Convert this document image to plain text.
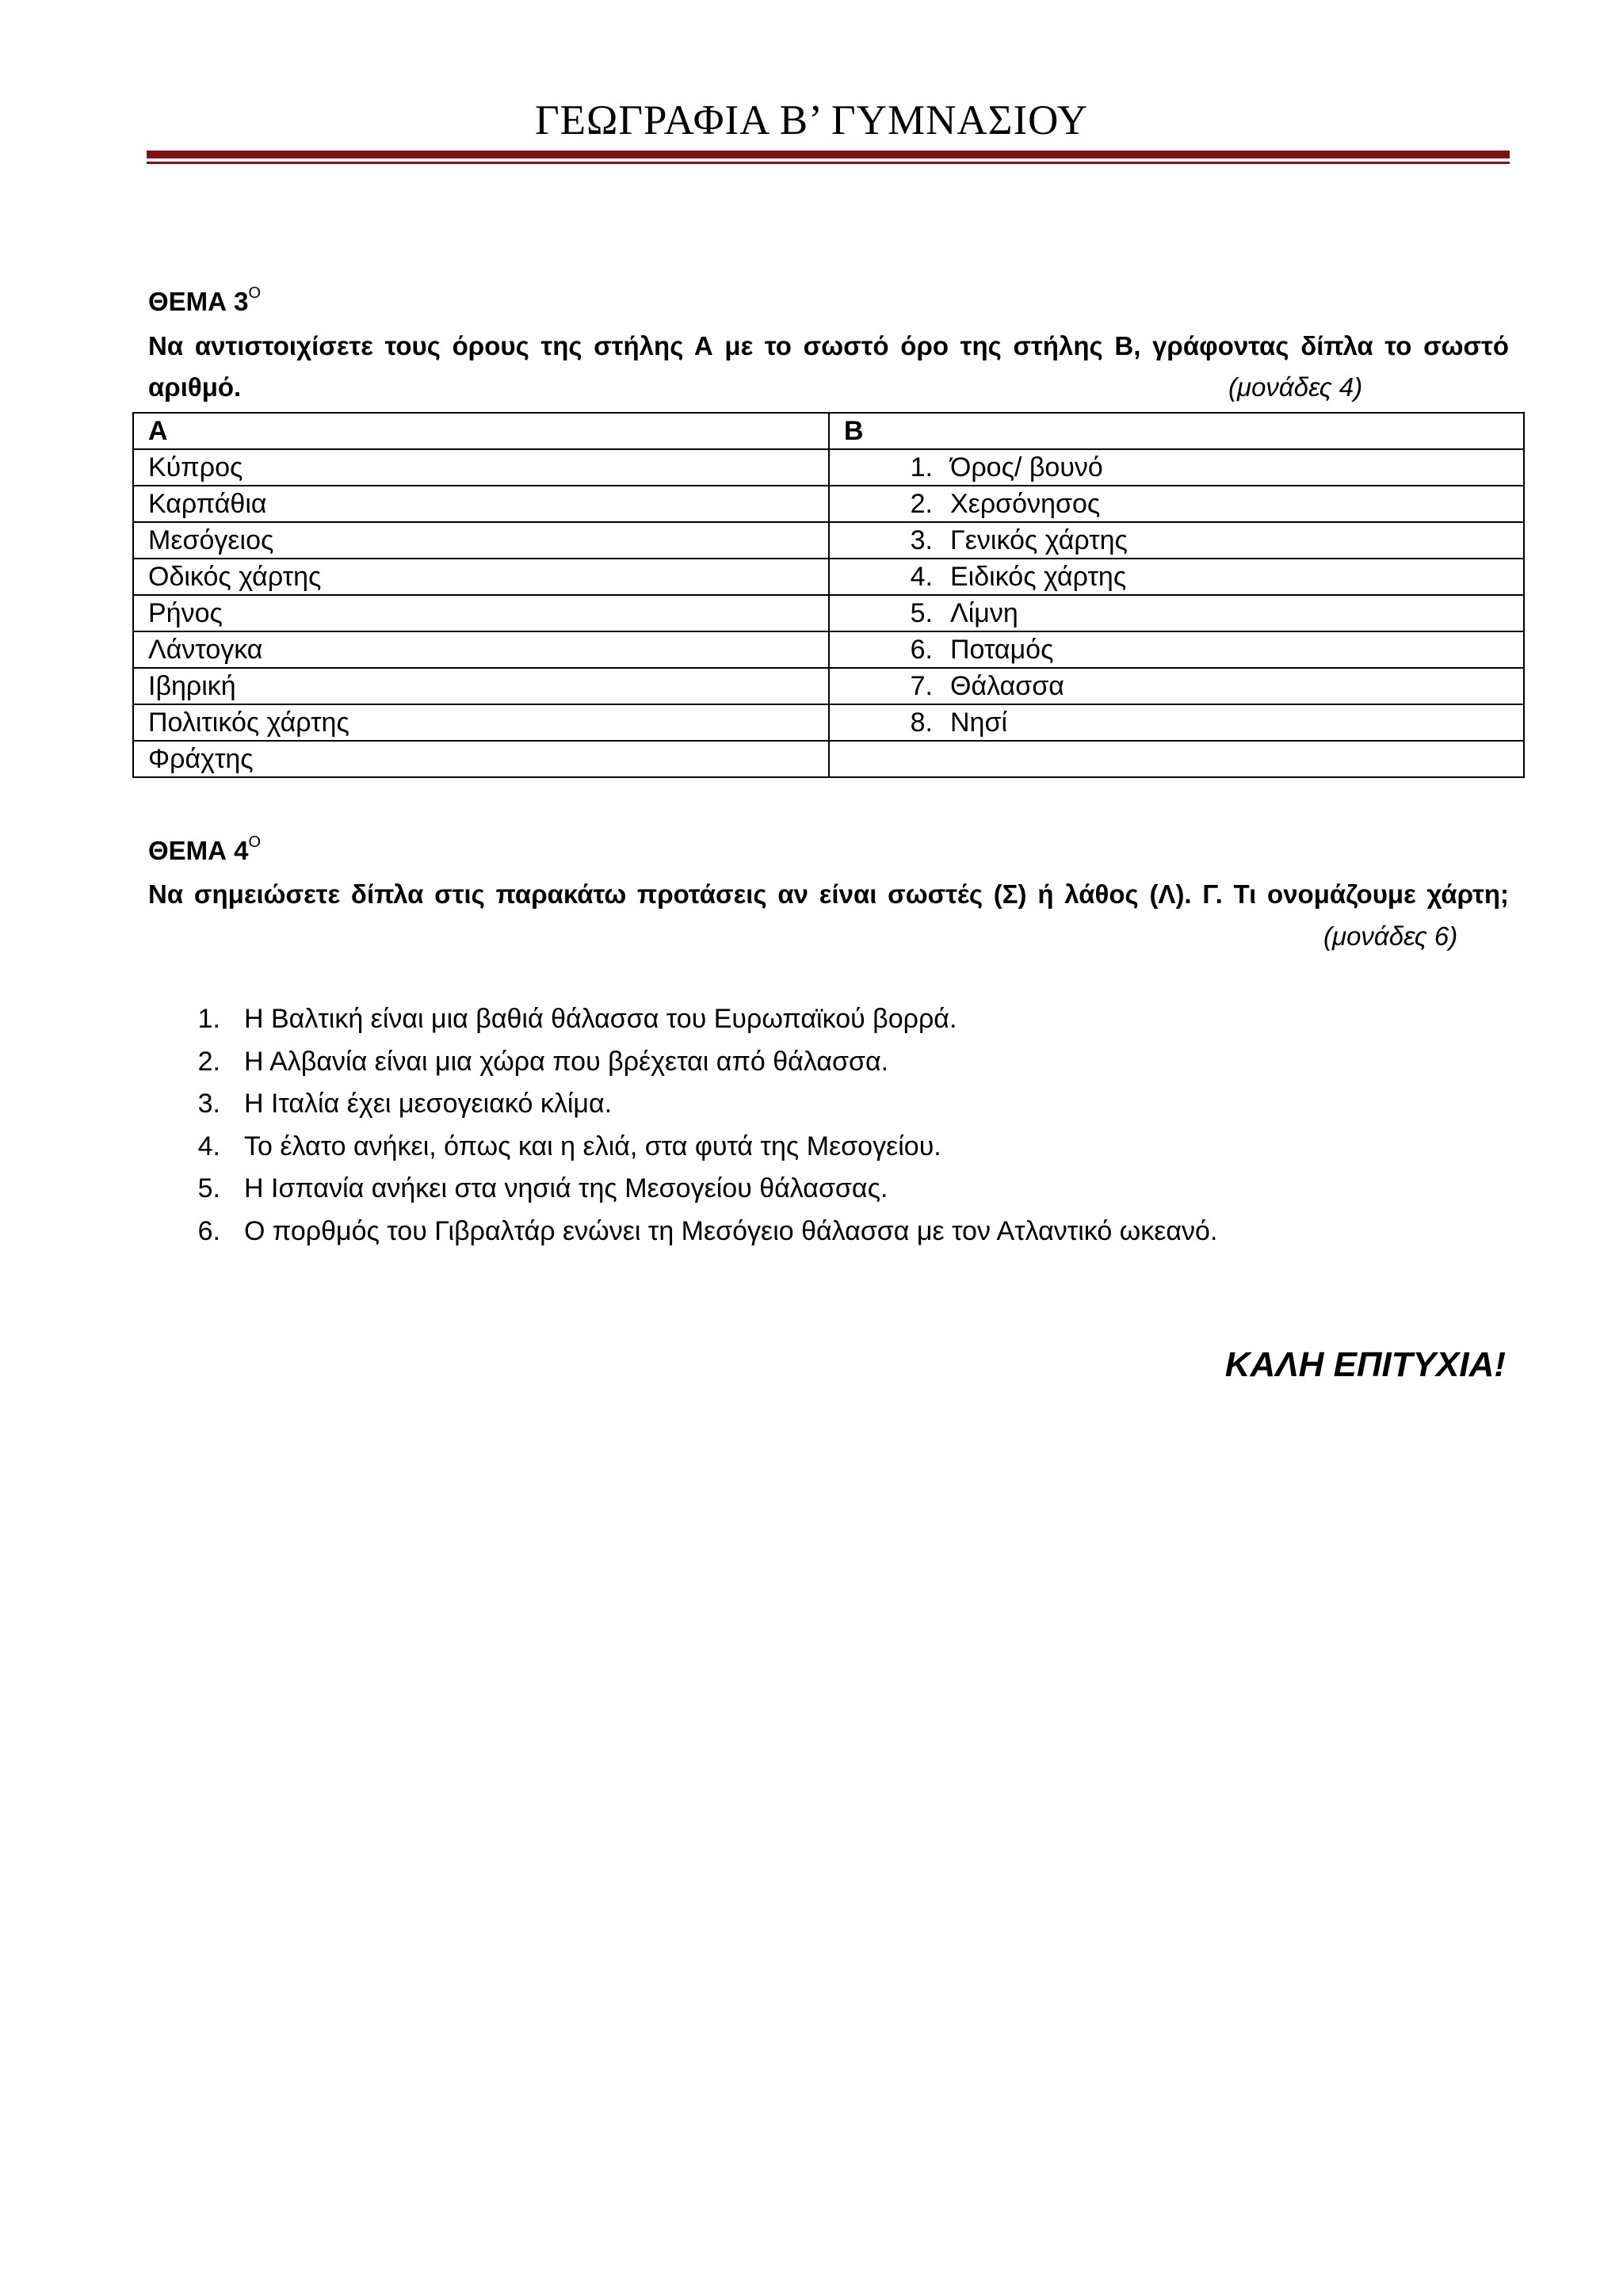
ΓΕΩΓΡΑΦΙΑ Β’ ΓΥΜΝΑΣΙΟΥ
ΘΕΜΑ $3^O$
Να αντιστοιχίσετε τους όρους της στήλης Α με το σωστό όρο της στήλης Β, γράφοντας δίπλα το σωστό
αριθμό.	(μονάδες 4)
Α	Β
Κύπρος	1. Όρος/ βουνό
Καρπάθια	2. Χερσόνησος
Μεσόγειος	3. Γενικός χάρτης
Οδικός χάρτης	4. Ειδικός χάρτης
Ρήνος	5. Λίμνη
Λάντογκα	6. Ποταμός
Ιβηρική	7. Θάλασσα
Πολιτικός χάρτης	8. Νησί
Φράχτης	
ΘΕΜΑ $4^O$
Να σημειώσετε δίπλα στις παρακάτω προτάσεις αν είναι σωστές (Σ) ή λάθος (Λ). Γ. Τι ονομάζουμε χάρτη;
(μονάδες 6)
1. Η Βαλτική είναι μια βαθιά θάλασσα του Ευρωπαϊκού βορρά.
2. Η Αλβανία είναι μια χώρα που βρέχεται από θάλασσα.
3. Η Ιταλία έχει μεσογειακό κλίμα.
4. Το έλατο ανήκει, όπως και η ελιά, στα φυτά της Μεσογείου.
5. Η Ισπανία ανήκει στα νησιά της Μεσογείου θάλασσας.
6. Ο πορθμός του Γιβραλτάρ ενώνει τη Μεσόγειο θάλασσα με τον Ατλαντικό ωκεανό.
ΚΑΛΗ ΕΠΙΤΥΧΙΑ!
